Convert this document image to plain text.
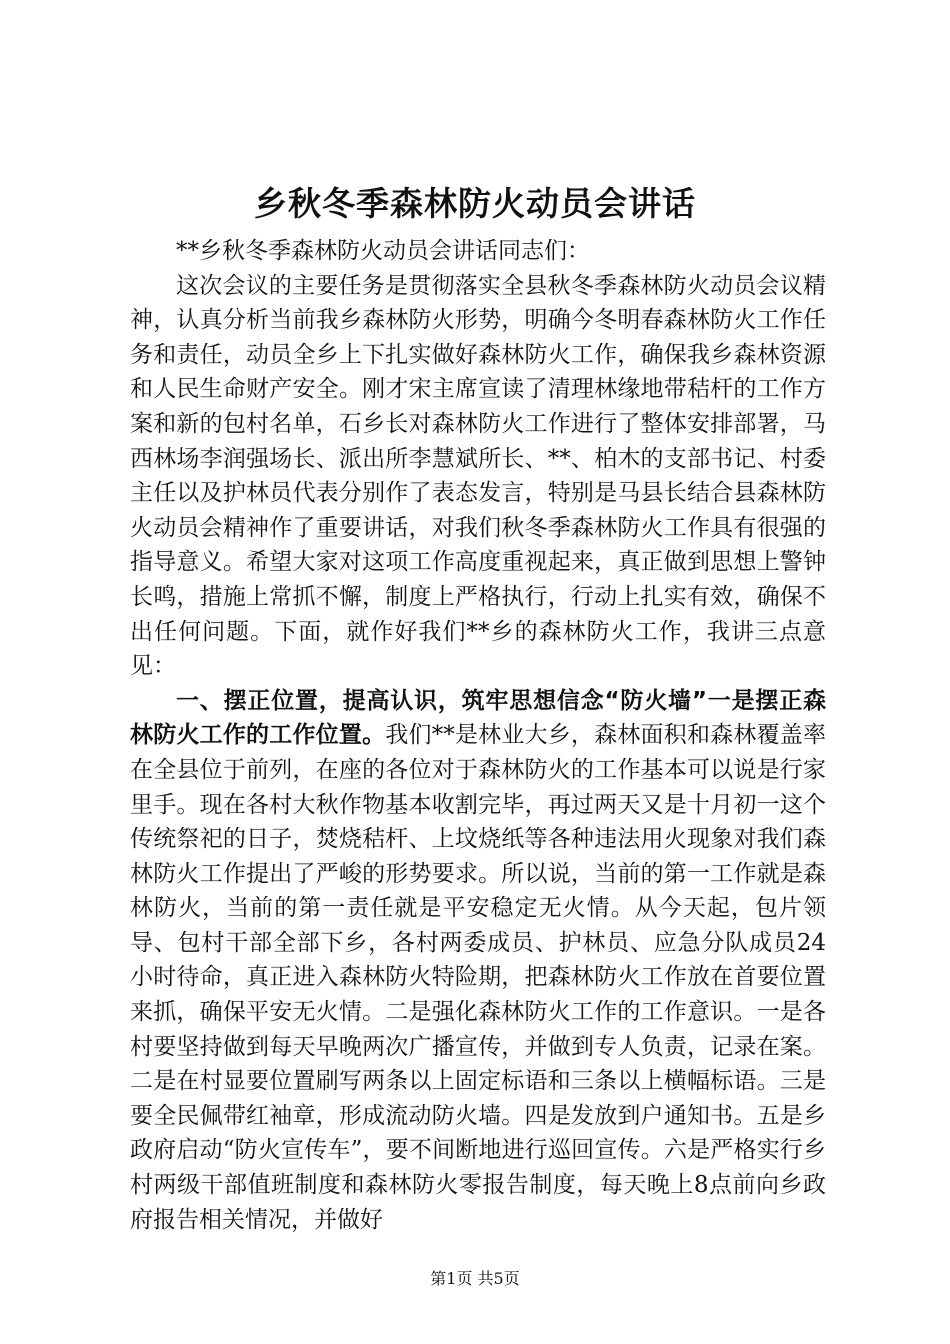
乡秋冬季森林防火动员会讲话

**乡秋冬季森林防火动员会讲话同志们：

这次会议的主要任务是贯彻落实全县秋冬季森林防火动员会议精神，认真分析当前我乡森林防火形势，明确今冬明春森林防火工作任务和责任，动员全乡上下扎实做好森林防火工作，确保我乡森林资源和人民生命财产安全。刚才宋主席宣读了清理林缘地带秸杆的工作方案和新的包村名单，石乡长对森林防火工作进行了整体安排部署，马西林场李润强场长、派出所李慧斌所长、**、柏木的支部书记、村委主任以及护林员代表分别作了表态发言，特别是马县长结合县森林防火动员会精神作了重要讲话，对我们秋冬季森林防火工作具有很强的指导意义。希望大家对这项工作高度重视起来，真正做到思想上警钟长鸣，措施上常抓不懈，制度上严格执行，行动上扎实有效，确保不出任何问题。下面，就作好我们**乡的森林防火工作，我讲三点意见：

一、摆正位置，提高认识，筑牢思想信念“防火墙”一是摆正森林防火工作的工作位置。我们**是林业大乡，森林面积和森林覆盖率在全县位于前列，在座的各位对于森林防火的工作基本可以说是行家里手。现在各村大秋作物基本收割完毕，再过两天又是十月初一这个传统祭祀的日子，焚烧秸杆、上坟烧纸等各种违法用火现象对我们森林防火工作提出了严峻的形势要求。所以说，当前的第一工作就是森林防火，当前的第一责任就是平安稳定无火情。从今天起，包片领导、包村干部全部下乡，各村两委成员、护林员、应急分队成员24小时待命，真正进入森林防火特险期，把森林防火工作放在首要位置来抓，确保平安无火情。二是强化森林防火工作的工作意识。一是各村要坚持做到每天早晚两次广播宣传，并做到专人负责，记录在案。二是在村显要位置刷写两条以上固定标语和三条以上横幅标语。三是要全民佩带红袖章，形成流动防火墙。四是发放到户通知书。五是乡政府启动“防火宣传车”，要不间断地进行巡回宣传。六是严格实行乡村两级干部值班制度和森林防火零报告制度，每天晚上8点前向乡政府报告相关情况，并做好

第1页 共5页
